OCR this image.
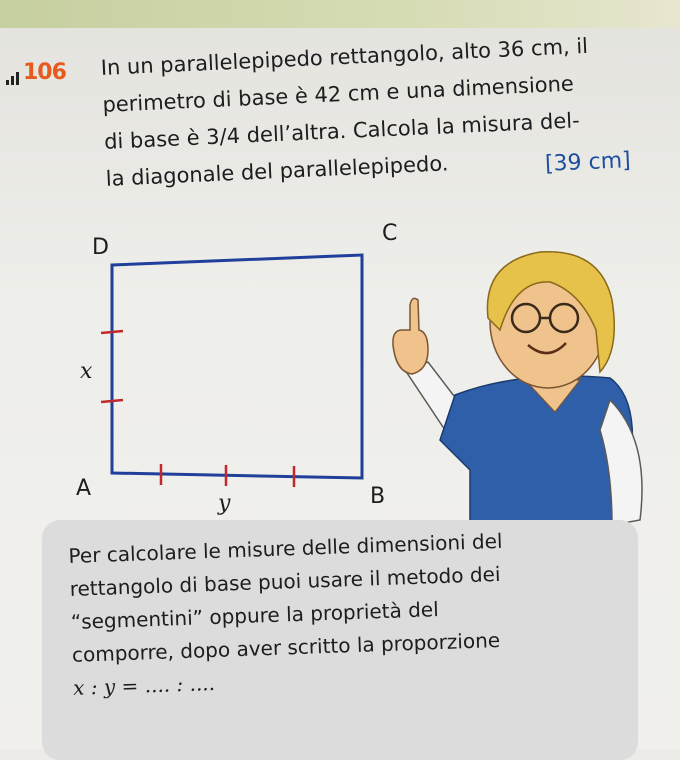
106 In un parallelepipedo rettangolo, alto 36 cm, il
perimetro di base è 42 cm e una dimensione
di base è 3/4 dell’altra. Calcola la misura del-
la diagonale del parallelepipedo.	[39 cm]
D
C
A	B
x
y
Per calcolare le misure delle dimensioni del
rettangolo di base puoi usare il metodo dei
“segmentini” oppure la proprietà del
comporre, dopo aver scritto la proporzione
x : y = .... : ....
